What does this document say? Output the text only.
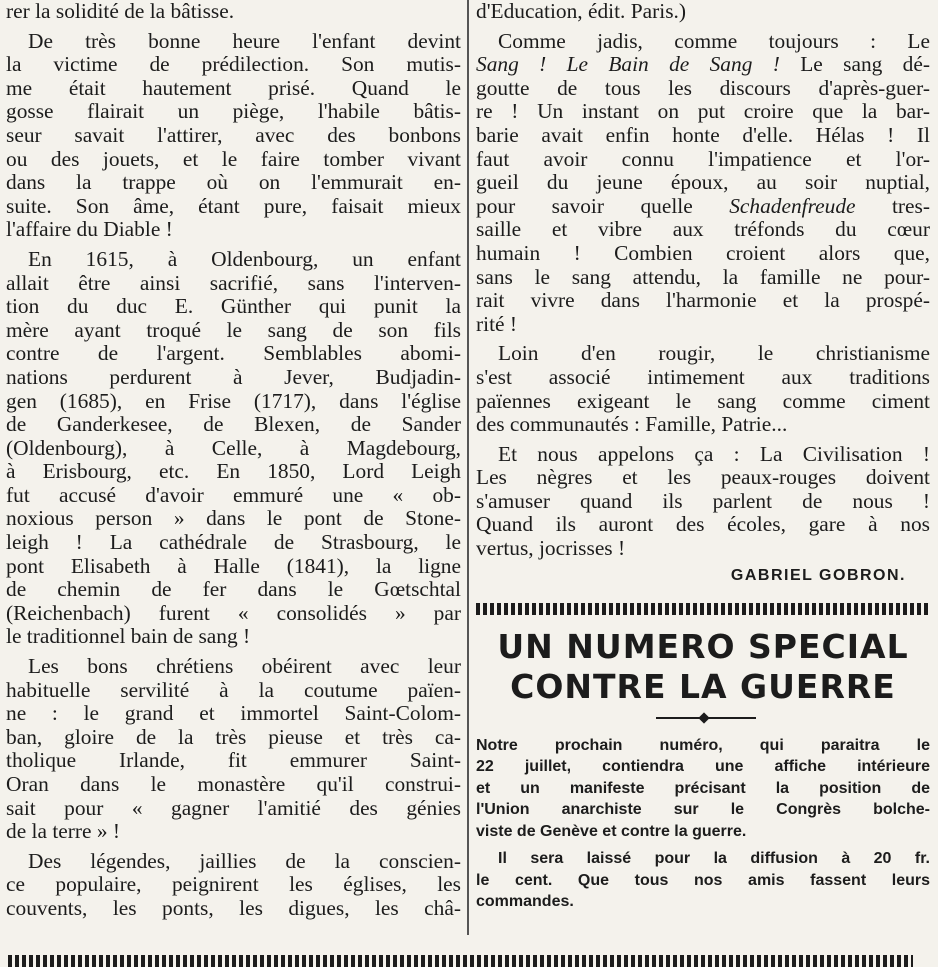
rer la solidité de la bâtisse.

De très bonne heure l'enfant devint
la victime de prédilection. Son mutis-
me était hautement prisé. Quand le
gosse flairait un piège, l'habile bâtis-
seur savait l'attirer, avec des bonbons
ou des jouets, et le faire tomber vivant
dans la trappe où on l'emmurait en-
suite. Son âme, étant pure, faisait mieux
l'affaire du Diable !

En 1615, à Oldenbourg, un enfant
allait être ainsi sacrifié, sans l'interven-
tion du duc E. Günther qui punit la
mère ayant troqué le sang de son fils
contre de l'argent. Semblables abomi-
nations perdurent à Jever, Budjadin-
gen (1685), en Frise (1717), dans l'église
de Ganderkesee, de Blexen, de Sander
(Oldenbourg), à Celle, à Magdebourg,
à Erisbourg, etc. En 1850, Lord Leigh
fut accusé d'avoir emmuré une « ob-
noxious person » dans le pont de Stone-
leigh ! La cathédrale de Strasbourg, le
pont Elisabeth à Halle (1841), la ligne
de chemin de fer dans le Gœtschtal
(Reichenbach) furent « consolidés » par
le traditionnel bain de sang !

Les bons chrétiens obéirent avec leur
habituelle servilité à la coutume païen-
ne : le grand et immortel Saint-Colom-
ban, gloire de la très pieuse et très ca-
tholique Irlande, fit emmurer Saint-
Oran dans le monastère qu'il construi-
sait pour « gagner l'amitié des génies
de la terre » !

Des légendes, jaillies de la conscien-
ce populaire, peignirent les églises, les
couvents, les ponts, les digues, les châ-

d'Education, édit. Paris.)

Comme jadis, comme toujours : Le
Sang ! Le Bain de Sang ! Le sang dé-
goutte de tous les discours d'après-guer-
re ! Un instant on put croire que la bar-
barie avait enfin honte d'elle. Hélas ! Il
faut avoir connu l'impatience et l'or-
gueil du jeune époux, au soir nuptial,
pour savoir quelle Schadenfreude tres-
saille et vibre aux tréfonds du cœur
humain ! Combien croient alors que,
sans le sang attendu, la famille ne pour-
rait vivre dans l'harmonie et la prospé-
rité !

Loin d'en rougir, le christianisme
s'est associé intimement aux traditions
païennes exigeant le sang comme ciment
des communautés : Famille, Patrie...

Et nous appelons ça : La Civilisation !
Les nègres et les peaux-rouges doivent
s'amuser quand ils parlent de nous !
Quand ils auront des écoles, gare à nos
vertus, jocrisses !

GABRIEL GOBRON.
UN NUMERO SPECIAL
CONTRE LA GUERRE

Notre prochain numéro, qui paraitra le
22 juillet, contiendra une affiche intérieure
et un manifeste précisant la position de
l'Union anarchiste sur le Congrès bolche-
viste de Genève et contre la guerre.

Il sera laissé pour la diffusion à 20 fr.
le cent. Que tous nos amis fassent leurs
commandes.
